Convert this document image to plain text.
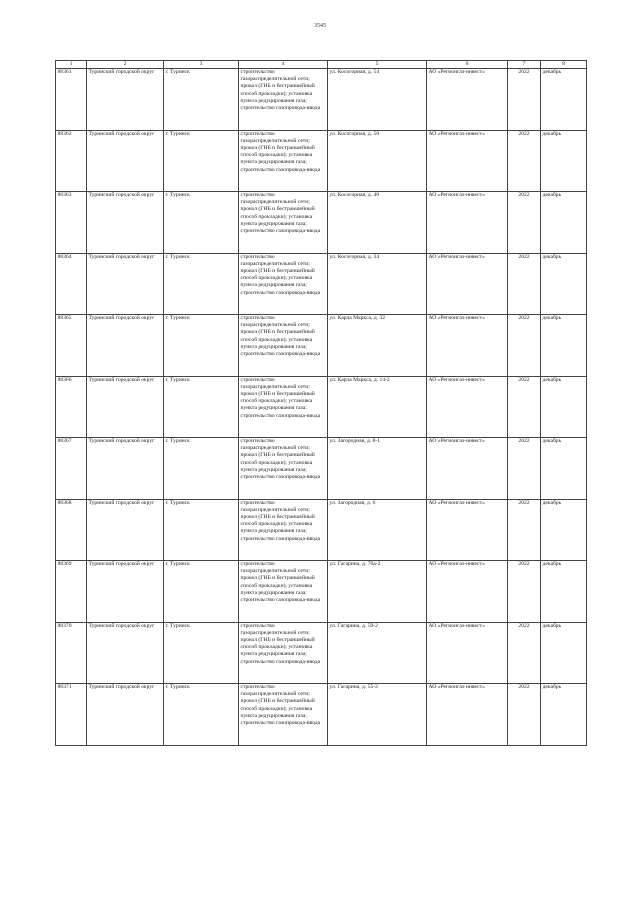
3545
1	2	3	4	5	6	7	8
88361	Туринский городской округ	г. Туринск	строительство газораспределительной сети; прокол (ГНБ и бестраншейный способ прокладки); установка пункта редуцирования газа; строительство газопровода-ввода	ул. Косогорная, д. 54	АО «Регионгаз-инвест»	2022	декабрь
88362	Туринский городской округ	г. Туринск	строительство газораспределительной сети; прокол (ГНБ и бестраншейный способ прокладки); установка пункта редуцирования газа; строительство газопровода-ввода	ул. Косогорная, д. 50	АО «Регионгаз-инвест»	2022	декабрь
88363	Туринский городской округ	г. Туринск	строительство газораспределительной сети; прокол (ГНБ и бестраншейный способ прокладки); установка пункта редуцирования газа; строительство газопровода-ввода	ул. Косогорная, д. 40	АО «Регионгаз-инвест»	2022	декабрь
88364	Туринский городской округ	г. Туринск	строительство газораспределительной сети; прокол (ГНБ и бестраншейный способ прокладки); установка пункта редуцирования газа; строительство газопровода-ввода	ул. Косогорная, д. 34	АО «Регионгаз-инвест»	2022	декабрь
88365	Туринский городской округ	г. Туринск	строительство газораспределительной сети; прокол (ГНБ и бестраншейный способ прокладки); установка пункта редуцирования газа; строительство газопровода-ввода	ул. Карла Маркса, д. 32	АО «Регионгаз-инвест»	2022	декабрь
88366	Туринский городской округ	г. Туринск	строительство газораспределительной сети; прокол (ГНБ и бестраншейный способ прокладки); установка пункта редуцирования газа; строительство газопровода-ввода	ул. Карла Маркса, д. 14-2	АО «Регионгаз-инвест»	2022	декабрь
88367	Туринский городской округ	г. Туринск	строительство газораспределительной сети; прокол (ГНБ и бестраншейный способ прокладки); установка пункта редуцирования газа; строительство газопровода-ввода	ул. Загородная, д. 8-1	АО «Регионгаз-инвест»	2022	декабрь
88368	Туринский городской округ	г. Туринск	строительство газораспределительной сети; прокол (ГНБ и бестраншейный способ прокладки); установка пункта редуцирования газа; строительство газопровода-ввода	ул. Загородная, д. 6	АО «Регионгаз-инвест»	2022	декабрь
88369	Туринский городской округ	г. Туринск	строительство газораспределительной сети; прокол (ГНБ и бестраншейный способ прокладки); установка пункта редуцирования газа; строительство газопровода-ввода	ул. Гагарина, д. 70а-2	АО «Регионгаз-инвест»	2022	декабрь
88370	Туринский городской округ	г. Туринск	строительство газораспределительной сети; прокол (ГНБ и бестраншейный способ прокладки); установка пункта редуцирования газа; строительство газопровода-ввода	ул. Гагарина, д. 59-2	АО «Регионгаз-инвест»	2022	декабрь
88371	Туринский городской округ	г. Туринск	строительство газораспределительной сети; прокол (ГНБ и бестраншейный способ прокладки); установка пункта редуцирования газа; строительство газопровода-ввода	ул. Гагарина, д. 55-2	АО «Регионгаз-инвест»	2022	декабрь
